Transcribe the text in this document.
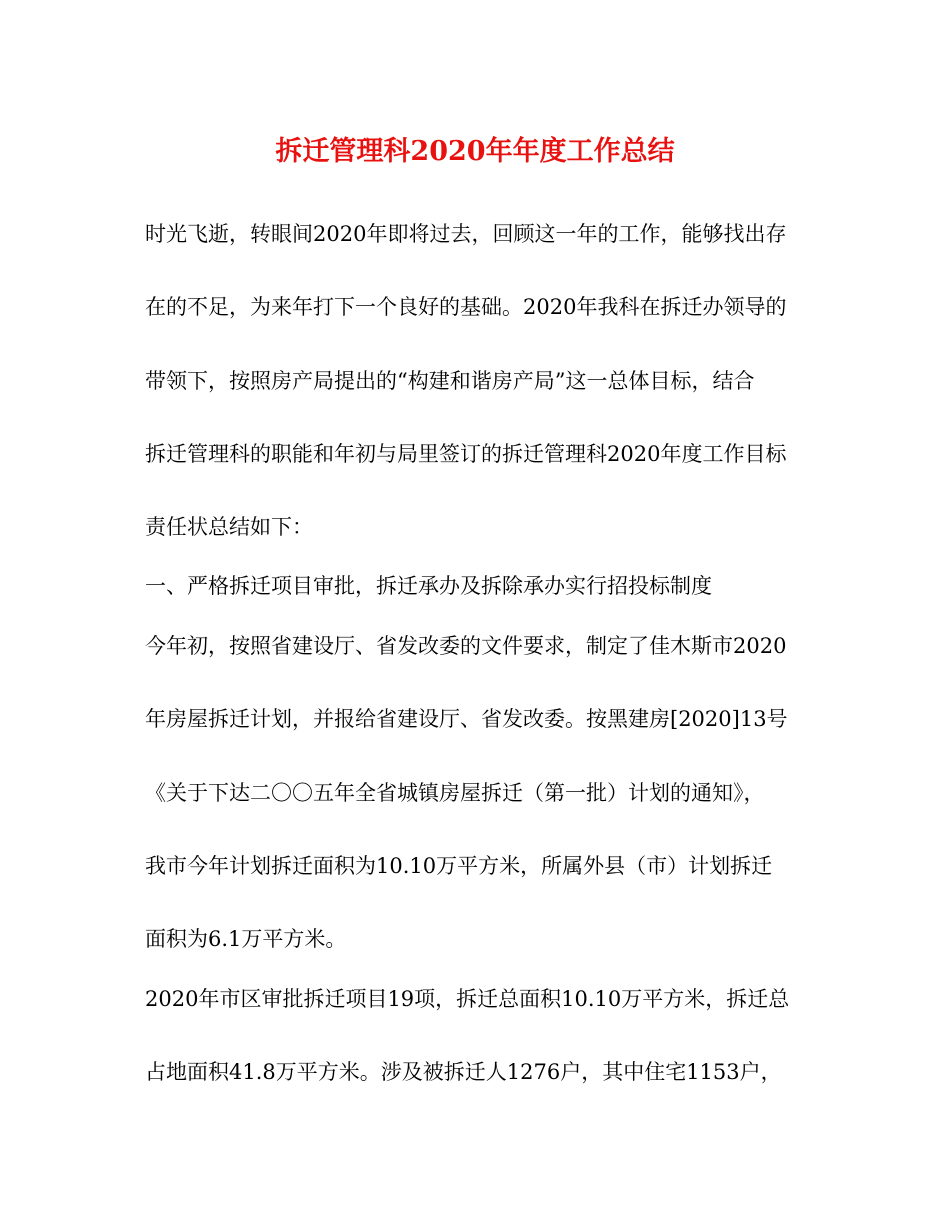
拆迁管理科2020年年度工作总结
时光飞逝，转眼间2020年即将过去，回顾这一年的工作，能够找出存
在的不足，为来年打下一个良好的基础。2020年我科在拆迁办领导的
带领下，按照房产局提出的“构建和谐房产局”这一总体目标，结合
拆迁管理科的职能和年初与局里签订的拆迁管理科2020年度工作目标
责任状总结如下：
一、严格拆迁项目审批，拆迁承办及拆除承办实行招投标制度
今年初，按照省建设厅、省发改委的文件要求，制定了佳木斯市2020
年房屋拆迁计划，并报给省建设厅、省发改委。按黑建房[2020]13号
《关于下达二〇〇五年全省城镇房屋拆迁（第一批）计划的通知》，
我市今年计划拆迁面积为10.10万平方米，所属外县（市）计划拆迁
面积为6.1万平方米。
2020年市区审批拆迁项目19项，拆迁总面积10.10万平方米，拆迁总
占地面积41.8万平方米。涉及被拆迁人1276户，其中住宅1153户，
